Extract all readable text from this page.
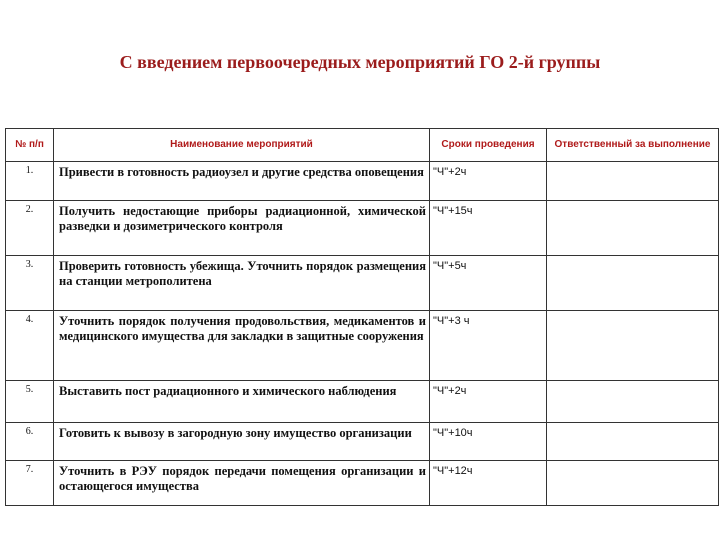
С введением первоочередных мероприятий ГО 2-й группы
№ п/п	Наименование мероприятий	Сроки проведения	Ответственный за выполнение
1.	Привести в готовность радиоузел и другие средства оповещения	"Ч"+2ч	
2.	Получить недостающие приборы радиационной, химической разведки и дозиметрического контроля	"Ч"+15ч	
3.	Проверить готовность убежища. Уточнить порядок размещения на станции метрополитена	"Ч"+5ч	
4.	Уточнить порядок получения продовольствия, медикаментов и медицинского имущества для закладки в защитные сооружения	"Ч"+3 ч	
5.	Выставить пост радиационного и химического наблюдения	"Ч"+2ч	
6.	Готовить к вывозу в загородную зону имущество организации	"Ч"+10ч	
7.	Уточнить в РЭУ порядок передачи помещения организации и остающегося имущества	"Ч"+12ч	
